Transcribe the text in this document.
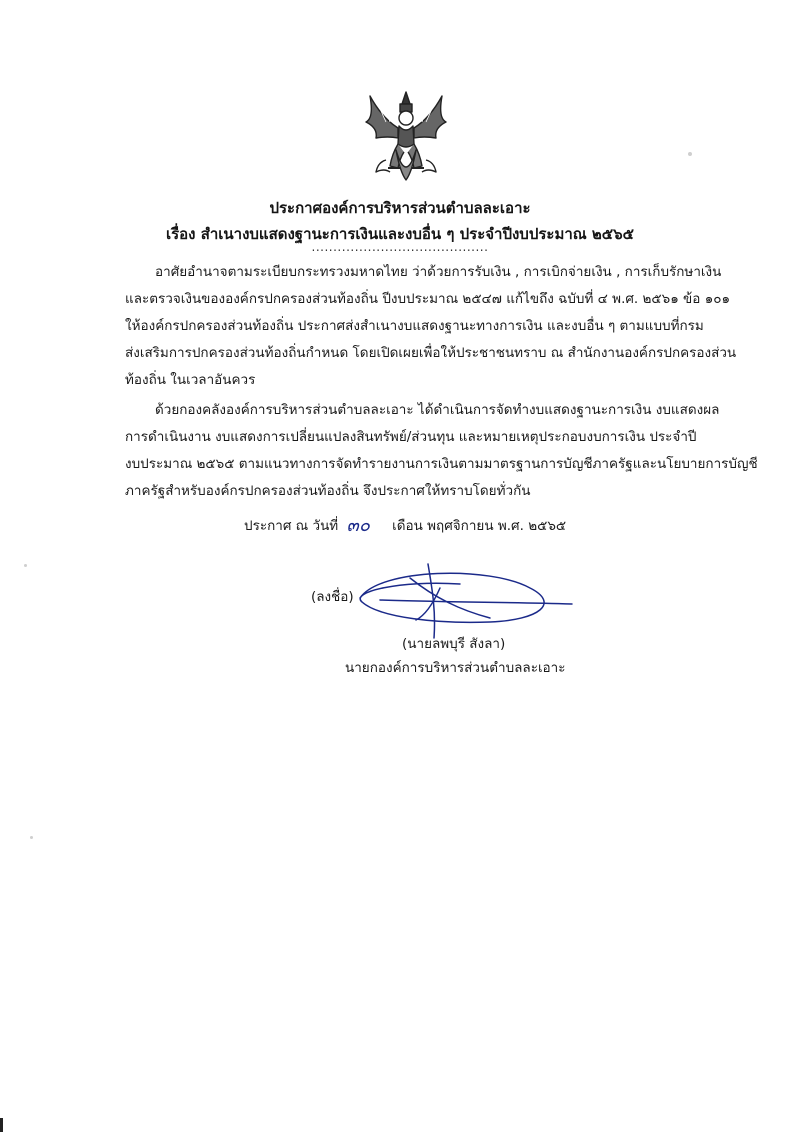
ประกาศองค์การบริหารส่วนตำบลละเอาะ
เรื่อง สำเนางบแสดงฐานะการเงินและงบอื่น ๆ ประจำปีงบประมาณ ๒๕๖๕
.........................................
อาศัยอำนาจตามระเบียบกระทรวงมหาดไทย ว่าด้วยการรับเงิน , การเบิกจ่ายเงิน , การเก็บรักษาเงิน
และตรวจเงินขององค์กรปกครองส่วนท้องถิ่น ปีงบประมาณ ๒๕๔๗ แก้ไขถึง ฉบับที่ ๔ พ.ศ. ๒๕๖๑ ข้อ ๑๐๑
ให้องค์กรปกครองส่วนท้องถิ่น ประกาศส่งสำเนางบแสดงฐานะทางการเงิน และงบอื่น ๆ ตามแบบที่กรม
ส่งเสริมการปกครองส่วนท้องถิ่นกำหนด โดยเปิดเผยเพื่อให้ประชาชนทราบ ณ สำนักงานองค์กรปกครองส่วน
ท้องถิ่น ในเวลาอันควร
ด้วยกองคลังองค์การบริหารส่วนตำบลละเอาะ ได้ดำเนินการจัดทำงบแสดงฐานะการเงิน งบแสดงผล
การดำเนินงาน งบแสดงการเปลี่ยนแปลงสินทรัพย์/ส่วนทุน และหมายเหตุประกอบงบการเงิน ประจำปี
งบประมาณ ๒๕๖๕ ตามแนวทางการจัดทำรายงานการเงินตามมาตรฐานการบัญชีภาครัฐและนโยบายการบัญชี
ภาครัฐสำหรับองค์กรปกครองส่วนท้องถิ่น จึงประกาศให้ทราบโดยทั่วกัน
ประกาศ ณ วันที่ ๓๐ เดือน พฤศจิกายน พ.ศ. ๒๕๖๕
(ลงชื่อ)
(นายลพบุรี สังลา)
นายกองค์การบริหารส่วนตำบลละเอาะ
